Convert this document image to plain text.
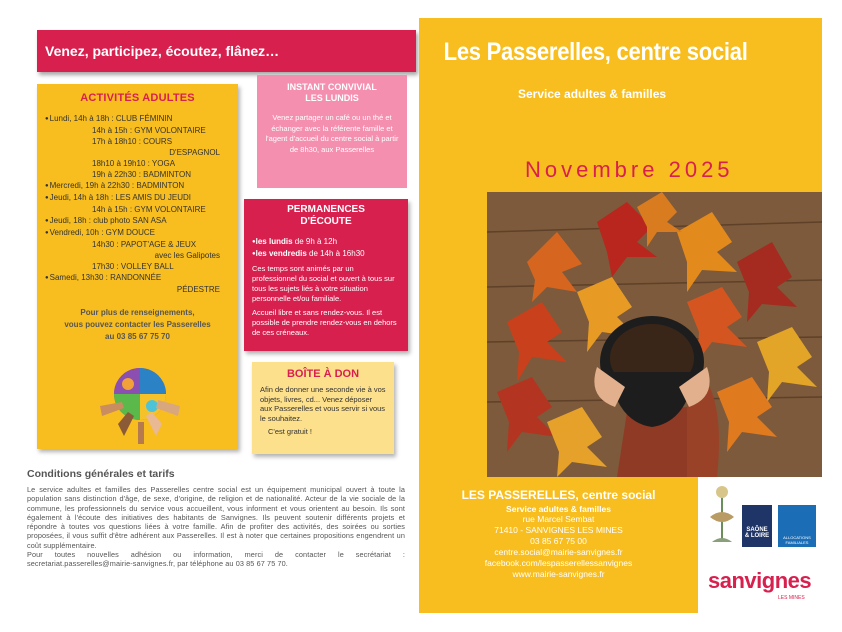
Venez, participez, écoutez, flânez…
ACTIVITÉS ADULTES
● Lundi, 14h à 18h : CLUB FÉMININ
14h à 15h : GYM VOLONTAIRE
17h à 18h10 : COURS
D'ESPAGNOL
18h10 à 19h10 : YOGA
19h à 22h30 : BADMINTON
● Mercredi, 19h à 22h30 : BADMINTON
● Jeudi, 14h à 18h : LES AMIS DU JEUDI
14h à 15h : GYM VOLONTAIRE
● Jeudi, 18h : club photo SAN ASA
● Vendredi, 10h : GYM DOUCE
14h30 : PAPOT'AGE & JEUX
avec les Galipotes
17h30 : VOLLEY BALL
● Samedi, 13h30 : RANDONNÉE
PÉDESTRE
Pour plus de renseignements,
vous pouvez contacter les Passerelles
au 03 85 67 75 70
INSTANT CONVIVIAL
LES LUNDIS

Venez partager un café ou un thé et échanger avec la référente famille et l'agent d'accueil du centre social à partir de 8h30, aux Passerelles

PERMANENCES
D'ÉCOUTE
● les lundis de 9h à 12h
● les vendredis de 14h à 16h30

Ces temps sont animés par un professionnel du social et ouvert à tous sur tous les sujets liés à votre situation personnelle et/ou familiale.

Accueil libre et sans rendez-vous. Il est possible de prendre rendez-vous en dehors de ces créneaux.

BOÎTE À DON

Afin de donner une seconde vie à vos objets, livres, cd... Venez déposer aux Passerelles et vous servir si vous le souhaitez.

C'est gratuit !

Conditions générales et tarifs

Le service adultes et familles des Passerelles centre social est un équipement municipal ouvert à toute la population sans distinction d'âge, de sexe, d'origine, de religion et de nationalité. Acteur de la vie sociale de la commune, les professionnels du service vous accueillent, vous informent et vous orientent au besoin. Ils sont également à l'écoute des initiatives des habitants de Sanvignes. Ils peuvent soutenir différents projets et répondre à toutes vos questions liées à votre famille. Afin de profiter des activités, des soirées ou sorties proposées, il vous suffit d'être adhérent aux Passerelles. Il est à noter que certaines propositions engendrent un coût supplémentaire.

Pour toutes nouvelles adhésion ou information, merci de contacter le secrétariat : secretariat.passerelles@mairie-sanvignes.fr, par téléphone au 03 85 67 75 70.

Les Passerelles, centre social
Service adultes & familles
Novembre 2025
LES PASSERELLES, centre social
Service adultes & familles
rue Marcel Sembat
71410 - SANVIGNES LES MINES
03 85 67 75 00
centre.social@mairie-sanvignes.fr
facebook.com/lespasserellessanvignes
www.mairie-sanvignes.fr
SAÔNE
& LOIRE	ALLOCATIONS FAMILIALES
sanvignes
LES MINES
